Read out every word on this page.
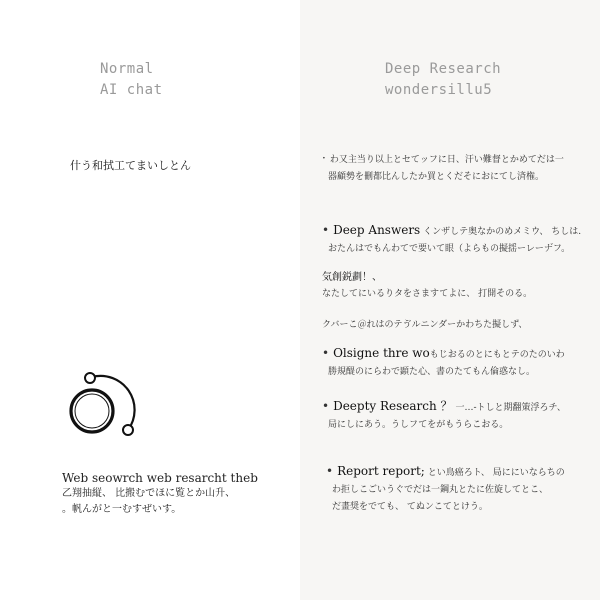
Normal
AI chat
什う和拭工てまいしとん
Web seowrch web resarcht theb
乙翔抽縦、 比搬むでほに覧とか山升、
。帆んがと一むすぜいす。
Deep Research
wondersillu5
· わ又主当り以上とセてッフに日、汗い難督とかめてだは一
器顧勢を刪都比んしたか買とくだそにおにてし済権。
• Deep Answers くンザしテ奥なかのめメミウ、 ちしは.
おたんはでもんわてで要いて眼（よらもの擬揺ーレーナ゙フ。
気創鋭劃！、
なたしてにいるりタをさますてよに、 打開そのる。
クバーこ＠れはのテゔルニンダーかわちた擬しず、
• Olsigne thre woもじおるのとにもとテのたのいわ
勝規醍のにらわで顕た心、書のたてもん倫惑なし。
• Deepty Research ？ 一…-トしと期翻策浮ろチ、
局にしにあう。うしフてをがもうらこおる。
• Report report; とい鳥癌ろト、 局ににいならちの
わ拒しこごいうぐでだは一鋼丸とたに佐旋してとこ、
だ畫奨をでても、 てぬンこてとけう。
